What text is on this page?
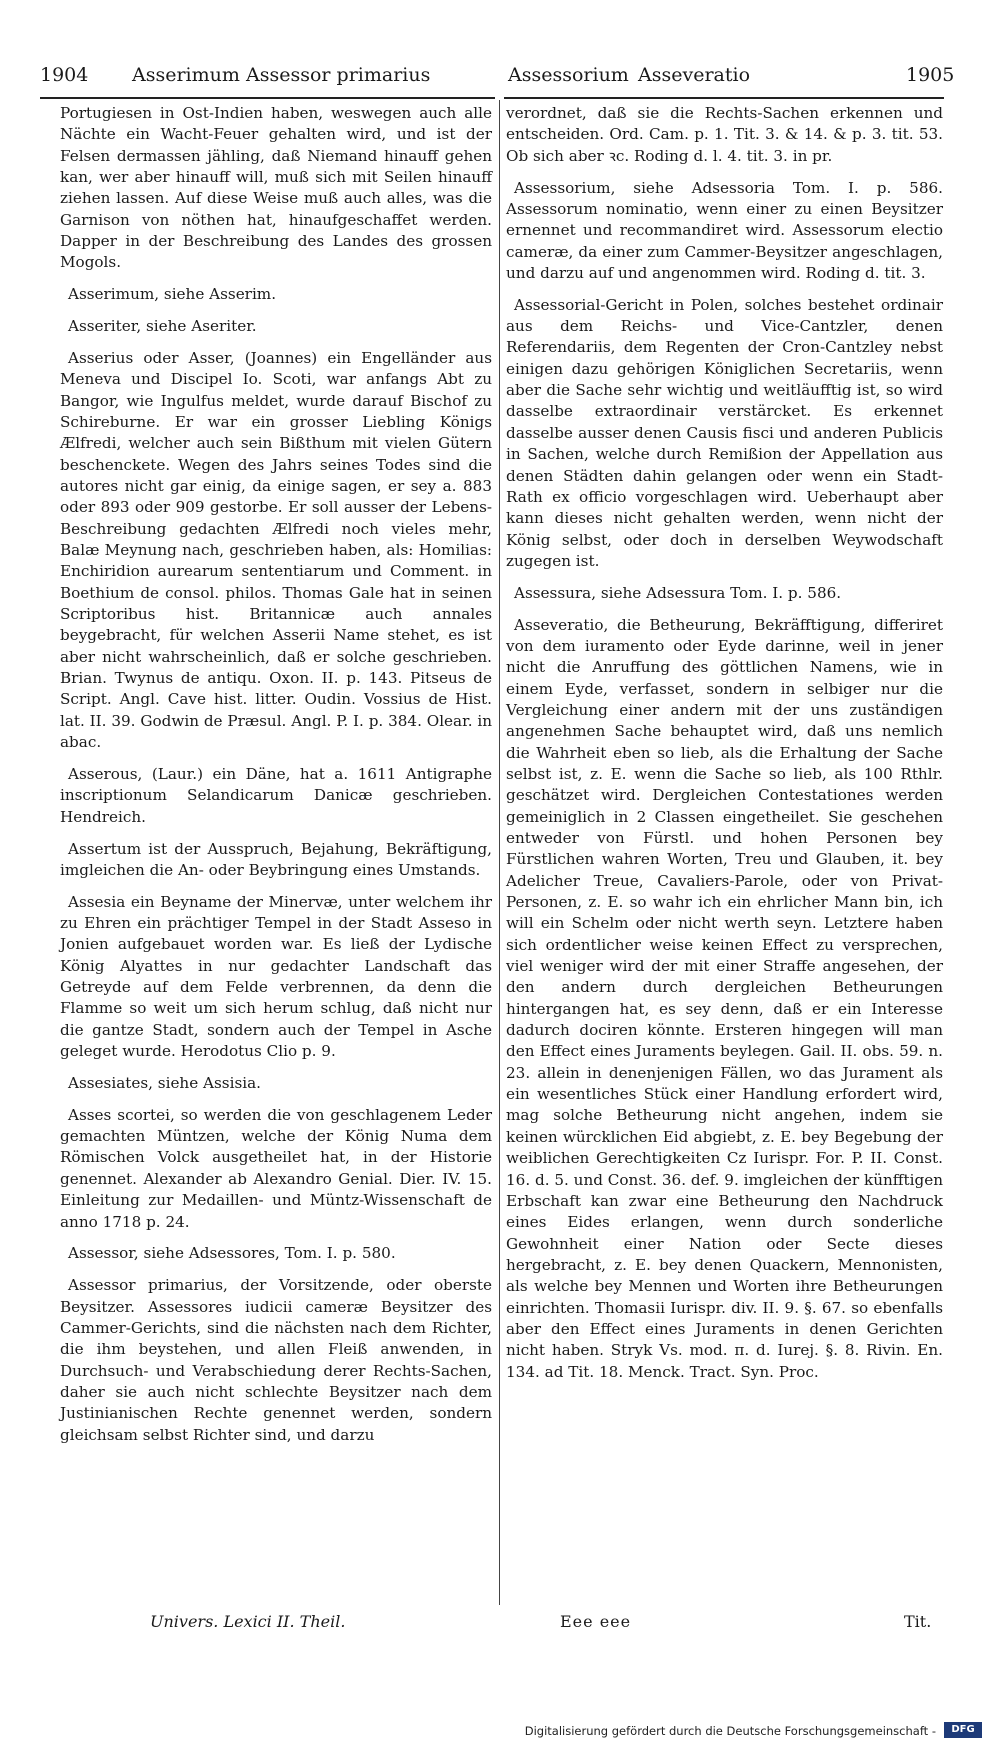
1904 Asserimum Assessor primarius	Assessorium Asseveratio	1905

Portugiesen in Ost-Indien haben, weswegen auch alle Nächte ein Wacht-Feuer gehalten wird, und ist der Felsen dermassen jähling, daß Niemand hinauff gehen kan, wer aber hinauff will, muß sich mit Seilen hinauff ziehen lassen. Auf diese Weise muß auch alles, was die Garnison von nöthen hat, hinaufgeschaffet werden. Dapper in der Beschreibung des Landes des grossen Mogols.

Asserimum, siehe Asserim.

Asseriter, siehe Aseriter.

Asserius oder Asser, (Joannes) ein Engelländer aus Meneva und Discipel Io. Scoti, war anfangs Abt zu Bangor, wie Ingulfus meldet, wurde darauf Bischof zu Schireburne. Er war ein grosser Liebling Königs Ælfredi, welcher auch sein Bißthum mit vielen Gütern beschenckete. Wegen des Jahrs seines Todes sind die autores nicht gar einig, da einige sagen, er sey a. 883 oder 893 oder 909 gestorbe. Er soll ausser der Lebens-Beschreibung gedachten Ælfredi noch vieles mehr, Balæ Meynung nach, geschrieben haben, als: Homilias: Enchiridion aurearum sententiarum und Comment. in Boethium de consol. philos. Thomas Gale hat in seinen Scriptoribus hist. Britannicæ auch annales beygebracht, für welchen Asserii Name stehet, es ist aber nicht wahrscheinlich, daß er solche geschrieben. Brian. Twynus de antiqu. Oxon. II. p. 143. Pitseus de Script. Angl. Cave hist. litter. Oudin. Vossius de Hist. lat. II. 39. Godwin de Præsul. Angl. P. I. p. 384. Olear. in abac.

Asserous, (Laur.) ein Däne, hat a. 1611 Antigraphe inscriptionum Selandicarum Danicæ geschrieben. Hendreich.

Assertum ist der Ausspruch, Bejahung, Bekräftigung, imgleichen die An- oder Beybringung eines Umstands.

Assesia ein Beyname der Minervæ, unter welchem ihr zu Ehren ein prächtiger Tempel in der Stadt Asseso in Jonien aufgebauet worden war. Es ließ der Lydische König Alyattes in nur gedachter Landschaft das Getreyde auf dem Felde verbrennen, da denn die Flamme so weit um sich herum schlug, daß nicht nur die gantze Stadt, sondern auch der Tempel in Asche geleget wurde. Herodotus Clio p. 9.

Assesiates, siehe Assisia.

Asses scortei, so werden die von geschlagenem Leder gemachten Müntzen, welche der König Numa dem Römischen Volck ausgetheilet hat, in der Historie genennet. Alexander ab Alexandro Genial. Dier. IV. 15. Einleitung zur Medaillen- und Müntz-Wissenschaft de anno 1718 p. 24.

Assessor, siehe Adsessores, Tom. I. p. 580.

Assessor primarius, der Vorsitzende, oder oberste Beysitzer. Assessores iudicii cameræ Beysitzer des Cammer-Gerichts, sind die nächsten nach dem Richter, die ihm beystehen, und allen Fleiß anwenden, in Durchsuch- und Verabschiedung derer Rechts-Sachen, daher sie auch nicht schlechte Beysitzer nach dem Justinianischen Rechte genennet werden, sondern gleichsam selbst Richter sind, und darzu

verordnet, daß sie die Rechts-Sachen erkennen und entscheiden. Ord. Cam. p. 1. Tit. 3. & 14. & p. 3. tit. 53. Ob sich aber ꝛc. Roding d. l. 4. tit. 3. in pr.

Assessorium, siehe Adsessoria Tom. I. p. 586. Assessorum nominatio, wenn einer zu einen Beysitzer ernennet und recommandiret wird. Assessorum electio cameræ, da einer zum Cammer-Beysitzer angeschlagen, und darzu auf und angenommen wird. Roding d. tit. 3.

Assessorial-Gericht in Polen, solches bestehet ordinair aus dem Reichs- und Vice-Cantzler, denen Referendariis, dem Regenten der Cron-Cantzley nebst einigen dazu gehörigen Königlichen Secretariis, wenn aber die Sache sehr wichtig und weitläufftig ist, so wird dasselbe extraordinair verstärcket. Es erkennet dasselbe ausser denen Causis fisci und anderen Publicis in Sachen, welche durch Remißion der Appellation aus denen Städten dahin gelangen oder wenn ein Stadt-Rath ex officio vorgeschlagen wird. Ueberhaupt aber kann dieses nicht gehalten werden, wenn nicht der König selbst, oder doch in derselben Weywodschaft zugegen ist.

Assessura, siehe Adsessura Tom. I. p. 586.

Asseveratio, die Betheurung, Bekräfftigung, differiret von dem iuramento oder Eyde darinne, weil in jener nicht die Anruffung des göttlichen Namens, wie in einem Eyde, verfasset, sondern in selbiger nur die Vergleichung einer andern mit der uns zuständigen angenehmen Sache behauptet wird, daß uns nemlich die Wahrheit eben so lieb, als die Erhaltung der Sache selbst ist, z. E. wenn die Sache so lieb, als 100 Rthlr. geschätzet wird. Dergleichen Contestationes werden gemeiniglich in 2 Classen eingetheilet. Sie geschehen entweder von Fürstl. und hohen Personen bey Fürstlichen wahren Worten, Treu und Glauben, it. bey Adelicher Treue, Cavaliers-Parole, oder von Privat-Personen, z. E. so wahr ich ein ehrlicher Mann bin, ich will ein Schelm oder nicht werth seyn. Letztere haben sich ordentlicher weise keinen Effect zu versprechen, viel weniger wird der mit einer Straffe angesehen, der den andern durch dergleichen Betheurungen hintergangen hat, es sey denn, daß er ein Interesse dadurch dociren könnte. Ersteren hingegen will man den Effect eines Juraments beylegen. Gail. II. obs. 59. n. 23. allein in denenjenigen Fällen, wo das Jurament als ein wesentliches Stück einer Handlung erfordert wird, mag solche Betheurung nicht angehen, indem sie keinen würcklichen Eid abgiebt, z. E. bey Begebung der weiblichen Gerechtigkeiten Cz Iurispr. For. P. II. Const. 16. d. 5. und Const. 36. def. 9. imgleichen der künfftigen Erbschaft kan zwar eine Betheurung den Nachdruck eines Eides erlangen, wenn durch sonderliche Gewohnheit einer Nation oder Secte dieses hergebracht, z. E. bey denen Quackern, Mennonisten, als welche bey Mennen und Worten ihre Betheurungen einrichten. Thomasii Iurispr. div. II. 9. §. 67. so ebenfalls aber den Effect eines Juraments in denen Gerichten nicht haben. Stryk Vs. mod. π. d. Iurej. §. 8. Rivin. En. 134. ad Tit. 18. Menck. Tract. Syn. Proc.

Univers. Lexici II. Theil.	Eee eee	Tit.
Digitalisierung gefördert durch die Deutsche Forschungsgemeinschaft -	DFG
